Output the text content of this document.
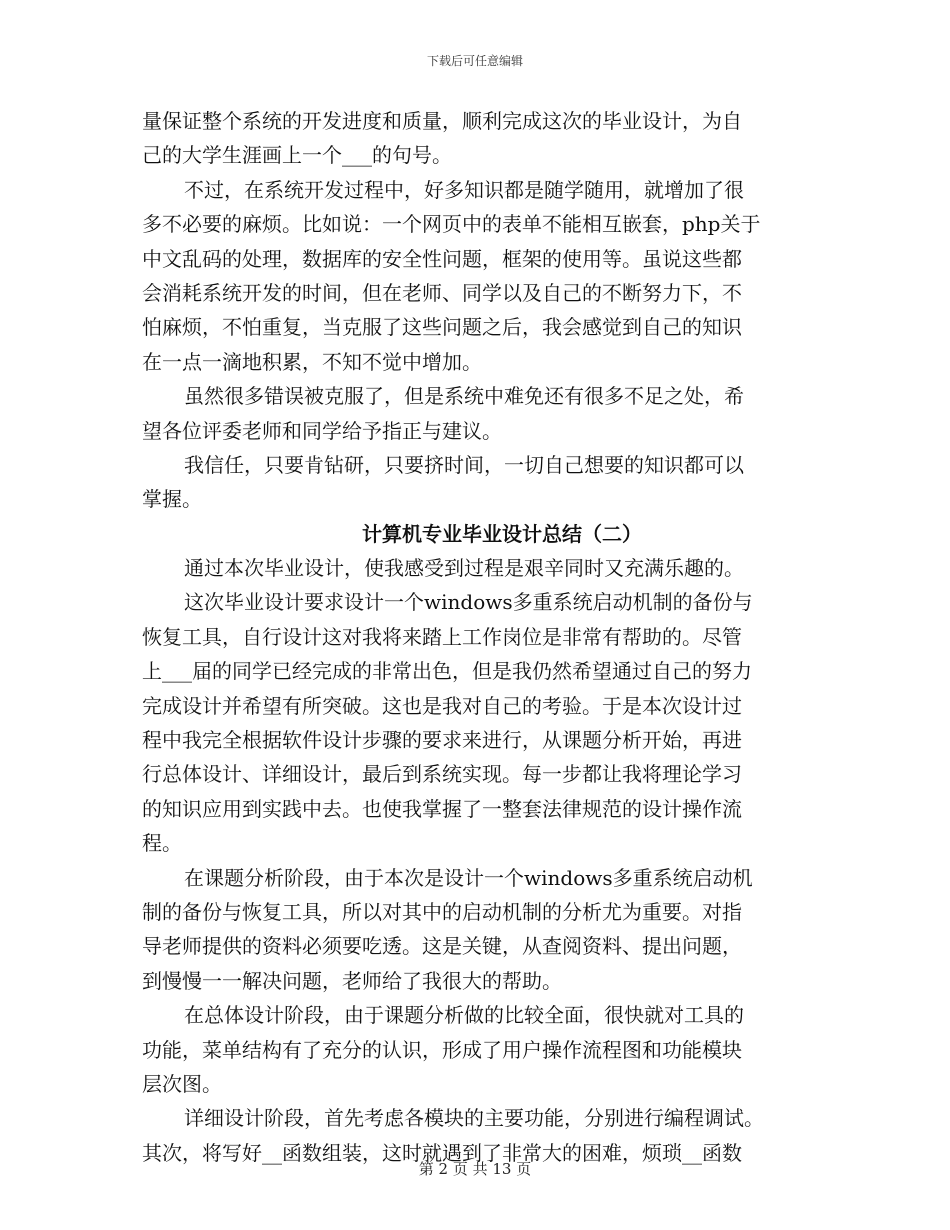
下载后可任意编辑
量保证整个系统的开发进度和质量，顺利完成这次的毕业设计，为自
己的大学生涯画上一个___的句号。
不过，在系统开发过程中，好多知识都是随学随用，就增加了很
多不必要的麻烦。比如说：一个网页中的表单不能相互嵌套，php关于
中文乱码的处理，数据库的安全性问题，框架的使用等。虽说这些都
会消耗系统开发的时间，但在老师、同学以及自己的不断努力下，不
怕麻烦，不怕重复，当克服了这些问题之后，我会感觉到自己的知识
在一点一滴地积累，不知不觉中增加。
虽然很多错误被克服了，但是系统中难免还有很多不足之处，希
望各位评委老师和同学给予指正与建议。
我信任，只要肯钻研，只要挤时间，一切自己想要的知识都可以
掌握。
计算机专业毕业设计总结（二）
通过本次毕业设计，使我感受到过程是艰辛同时又充满乐趣的。
这次毕业设计要求设计一个windows多重系统启动机制的备份与
恢复工具，自行设计这对我将来踏上工作岗位是非常有帮助的。尽管
上___届的同学已经完成的非常出色，但是我仍然希望通过自己的努力
完成设计并希望有所突破。这也是我对自己的考验。于是本次设计过
程中我完全根据软件设计步骤的要求来进行，从课题分析开始，再进
行总体设计、详细设计，最后到系统实现。每一步都让我将理论学习
的知识应用到实践中去。也使我掌握了一整套法律规范的设计操作流
程。
在课题分析阶段，由于本次是设计一个windows多重系统启动机
制的备份与恢复工具，所以对其中的启动机制的分析尤为重要。对指
导老师提供的资料必须要吃透。这是关键，从查阅资料、提出问题，
到慢慢一一解决问题，老师给了我很大的帮助。
在总体设计阶段，由于课题分析做的比较全面，很快就对工具的
功能，菜单结构有了充分的认识，形成了用户操作流程图和功能模块
层次图。
详细设计阶段，首先考虑各模块的主要功能，分别进行编程调试。
其次，将写好__函数组装，这时就遇到了非常大的困难，烦琐__函数
第 2 页 共 13 页
